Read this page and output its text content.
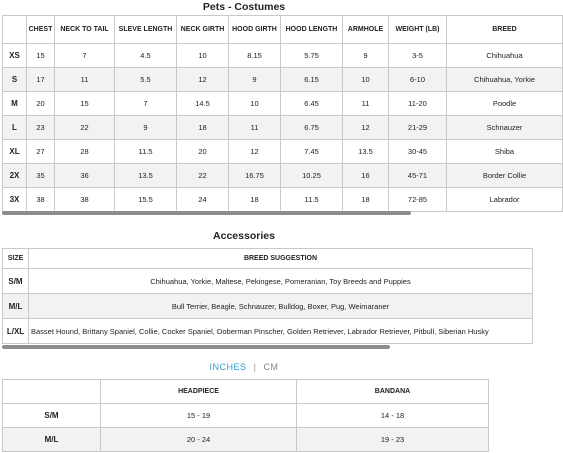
Pets - Costumes
	CHEST	NECK TO TAIL	SLEVE LENGTH	NECK GIRTH	HOOD GIRTH	HOOD LENGTH	ARMHOLE	WEIGHT (LB)	BREED
XS	15	7	4.5	10	8.15	5.75	9	3-5	Chihuahua
S	17	11	5.5	12	9	6.15	10	6-10	Chihuahua, Yorkie
M	20	15	7	14.5	10	6.45	11	11-20	Poodle
L	23	22	9	18	11	6.75	12	21-29	Schnauzer
XL	27	28	11.5	20	12	7.45	13.5	30-45	Shiba
2X	35	36	13.5	22	16.75	10.25	16	45-71	Border Collie
3X	38	38	15.5	24	18	11.5	18	72-85	Labrador
Accessories
SIZE	BREED SUGGESTION
S/M	Chihuahua, Yorkie, Maltese, Pekingese, Pomeranian, Toy Breeds and Puppies
M/L	Bull Terrier, Beagle, Schnauzer, Bulldog, Boxer, Pug, Weimaraner
L/XL	Basset Hound, Brittany Spaniel, Collie, Cocker Spaniel, Doberman Pinscher, Golden Retriever, Labrador Retriever, Pitbull, Siberian Husky
INCHES | CM
	HEADPIECE	BANDANA
S/M	15 - 19	14 - 18
M/L	20 - 24	19 - 23
